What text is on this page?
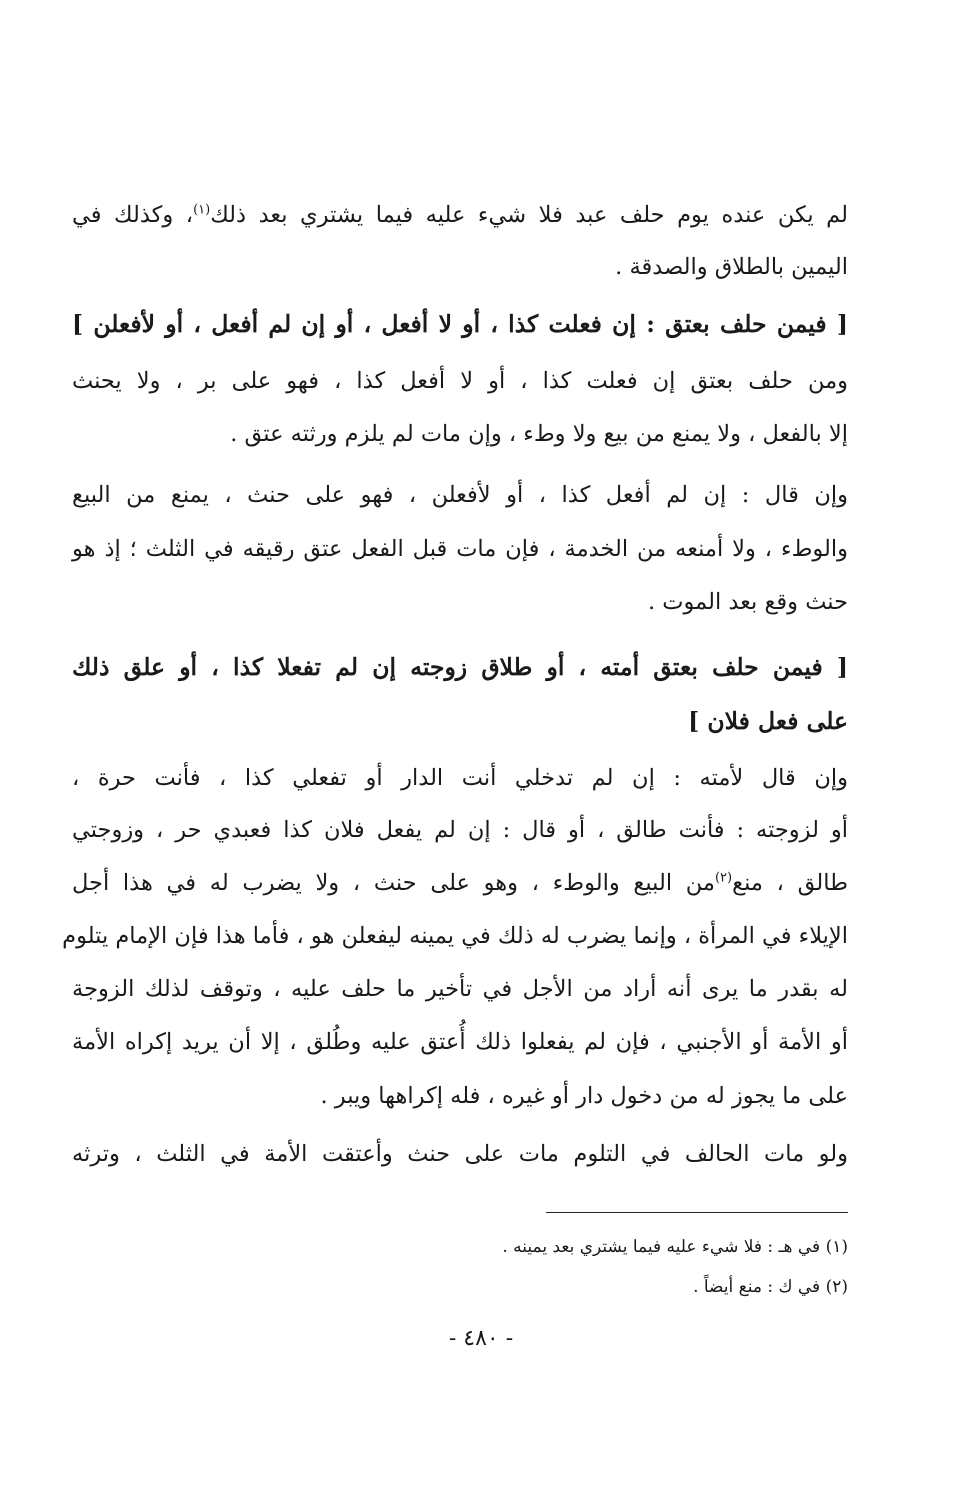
لم يكن عنده يوم حلف عبد فلا شيء عليه فيما يشتري بعد ذلك$^{(١)}$، وكذلك في
اليمين بالطلاق والصدقة .
[ فيمن حلف بعتق : إن فعلت كذا ، أو لا أفعل ، أو إن لم أفعل ، أو لأفعلن ]
ومن حلف بعتق إن فعلت كذا ، أو لا أفعل كذا ، فهو على بر ، ولا يحنث
إلا بالفعل ، ولا يمنع من بيع ولا وطء ، وإن مات لم يلزم ورثته عتق .
وإن قال : إن لم أفعل كذا ، أو لأفعلن ، فهو على حنث ، يمنع من البيع
والوطء ، ولا أمنعه من الخدمة ، فإن مات قبل الفعل عتق رقيقه في الثلث ؛ إذ هو
حنث وقع بعد الموت .
[ فيمن حلف بعتق أمته ، أو طلاق زوجته إن لم تفعلا كذا ، أو علق ذلك
على فعل فلان ]
وإن قال لأمته : إن لم تدخلي أنت الدار أو تفعلي كذا ، فأنت حرة ،
أو لزوجته : فأنت طالق ، أو قال : إن لم يفعل فلان كذا فعبدي حر ، وزوجتي
طالق ، منع$^{(٢)}$من البيع والوطء ، وهو على حنث ، ولا يضرب له في هذا أجل
الإيلاء في المرأة ، وإنما يضرب له ذلك في يمينه ليفعلن هو ، فأما هذا فإن الإمام يتلوم
له بقدر ما يرى أنه أراد من الأجل في تأخير ما حلف عليه ، وتوقف لذلك الزوجة
أو الأمة أو الأجنبي ، فإن لم يفعلوا ذلك أُعتق عليه وطُلق ، إلا أن يريد إكراه الأمة
على ما يجوز له من دخول دار أو غيره ، فله إكراهها ويبر .
ولو مات الحالف في التلوم مات على حنث وأعتقت الأمة في الثلث ، وترثه
(١) في هـ : فلا شيء عليه فيما يشتري بعد يمينه .
(٢) في ك : منع أيضاً .
- ٤٨٠ -
